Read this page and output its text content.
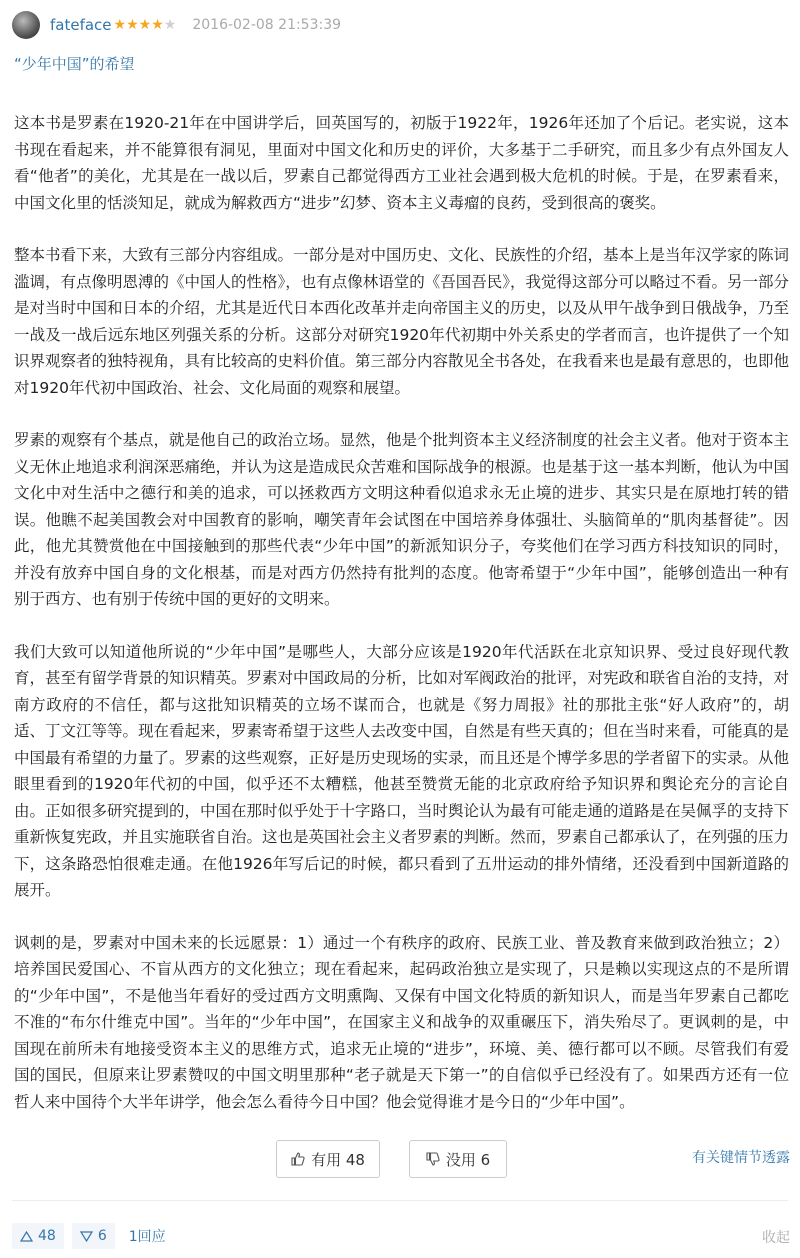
fateface ★ ★ ★ ★ ★ 2016-02-08 21:53:39
“少年中国”的希望

这本书是罗素在1920-21年在中国讲学后，回英国写的，初版于1922年，1926年还加了个后记。老实说，这本书现在看起来，并不能算很有洞见，里面对中国文化和历史的评价，大多基于二手研究，而且多少有点外国友人看“他者”的美化，尤其是在一战以后，罗素自己都觉得西方工业社会遇到极大危机的时候。于是，在罗素看来，中国文化里的恬淡知足，就成为解救西方“进步”幻梦、资本主义毒瘤的良药，受到很高的褒奖。

整本书看下来，大致有三部分内容组成。一部分是对中国历史、文化、民族性的介绍，基本上是当年汉学家的陈词滥调，有点像明恩溥的《中国人的性格》，也有点像林语堂的《吾国吾民》，我觉得这部分可以略过不看。另一部分是对当时中国和日本的介绍，尤其是近代日本西化改革并走向帝国主义的历史，以及从甲午战争到日俄战争，乃至一战及一战后远东地区列强关系的分析。这部分对研究1920年代初期中外关系史的学者而言，也许提供了一个知识界观察者的独特视角，具有比较高的史料价值。第三部分内容散见全书各处，在我看来也是最有意思的，也即他对1920年代初中国政治、社会、文化局面的观察和展望。

罗素的观察有个基点，就是他自己的政治立场。显然，他是个批判资本主义经济制度的社会主义者。他对于资本主义无休止地追求利润深恶痛绝，并认为这是造成民众苦难和国际战争的根源。也是基于这一基本判断，他认为中国文化中对生活中之德行和美的追求，可以拯救西方文明这种看似追求永无止境的进步、其实只是在原地打转的错误。他瞧不起美国教会对中国教育的影响，嘲笑青年会试图在中国培养身体强壮、头脑简单的“肌肉基督徒”。因此，他尤其赞赏他在中国接触到的那些代表“少年中国”的新派知识分子，夸奖他们在学习西方科技知识的同时，并没有放弃中国自身的文化根基，而是对西方仍然持有批判的态度。他寄希望于“少年中国”，能够创造出一种有别于西方、也有别于传统中国的更好的文明来。

我们大致可以知道他所说的“少年中国”是哪些人，大部分应该是1920年代活跃在北京知识界、受过良好现代教育，甚至有留学背景的知识精英。罗素对中国政局的分析，比如对军阀政治的批评，对宪政和联省自治的支持，对南方政府的不信任，都与这批知识精英的立场不谋而合，也就是《努力周报》社的那批主张“好人政府”的，胡适、丁文江等等。现在看起来，罗素寄希望于这些人去改变中国，自然是有些天真的；但在当时来看，可能真的是中国最有希望的力量了。罗素的这些观察，正好是历史现场的实录，而且还是个博学多思的学者留下的实录。从他眼里看到的1920年代初的中国，似乎还不太糟糕，他甚至赞赏无能的北京政府给予知识界和舆论充分的言论自由。正如很多研究提到的，中国在那时似乎处于十字路口，当时舆论认为最有可能走通的道路是在吴佩孚的支持下重新恢复宪政，并且实施联省自治。这也是英国社会主义者罗素的判断。然而，罗素自己都承认了，在列强的压力下，这条路恐怕很难走通。在他1926年写后记的时候，都只看到了五卅运动的排外情绪，还没看到中国新道路的展开。

讽刺的是，罗素对中国未来的长远愿景：1）通过一个有秩序的政府、民族工业、普及教育来做到政治独立；2）培养国民爱国心、不盲从西方的文化独立；现在看起来，起码政治独立是实现了，只是赖以实现这点的不是所谓的“少年中国”，不是他当年看好的受过西方文明熏陶、又保有中国文化特质的新知识人，而是当年罗素自己都吃不准的“布尔什维克中国”。当年的“少年中国”，在国家主义和战争的双重碾压下，消失殆尽了。更讽刺的是，中国现在前所未有地接受资本主义的思维方式，追求无止境的“进步”，环境、美、德行都可以不顾。尽管我们有爱国的国民，但原来让罗素赞叹的中国文明里那种“老子就是天下第一”的自信似乎已经没有了。如果西方还有一位哲人来中国待个大半年讲学，他会怎么看待今日中国？他会觉得谁才是今日的“少年中国”。

有用 48	没用 6	有关键情节透露
48	6 1回应	收起
